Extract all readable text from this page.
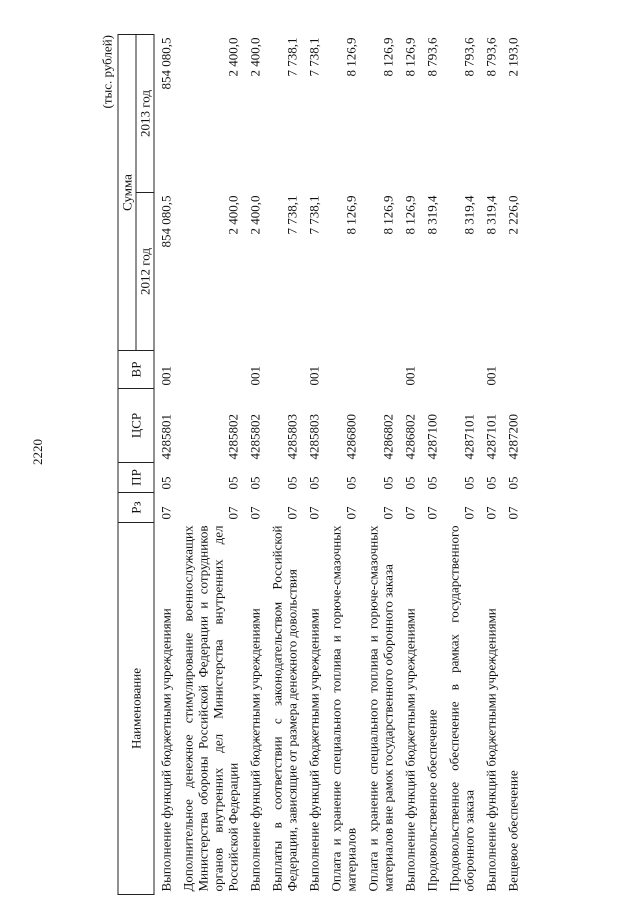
2220
(тыс. рублей)
Наименование	Рз	ПР	ЦСР	ВР	Сумма	
					2012 год	2013 год
Выполнение функций бюджетными учреждениями	07	05	4285801	001	854 080,5	854 080,5
Дополнительное денежное стимулирование военнослужащих Министерства обороны Российской Федерации и сотрудников органов внутренних дел Министерства внутренних дел Российской Федерации	07	05	4285802		2 400,0	2 400,0
Выполнение функций бюджетными учреждениями	07	05	4285802	001	2 400,0	2 400,0
Выплаты в соответствии с законодательством Российской Федерации, зависящие от размера денежного довольствия	07	05	4285803		7 738,1	7 738,1
Выполнение функций бюджетными учреждениями	07	05	4285803	001	7 738,1	7 738,1
Оплата и хранение специального топлива и горюче-смазочных материалов	07	05	4286800		8 126,9	8 126,9
Оплата и хранение специального топлива и горюче-смазочных материалов вне рамок государственного оборонного заказа	07	05	4286802		8 126,9	8 126,9
Выполнение функций бюджетными учреждениями	07	05	4286802	001	8 126,9	8 126,9
Продовольственное обеспечение	07	05	4287100		8 319,4	8 793,6
Продовольственное обеспечение в рамках государственного оборонного заказа	07	05	4287101		8 319,4	8 793,6
Выполнение функций бюджетными учреждениями	07	05	4287101	001	8 319,4	8 793,6
Вещевое обеспечение	07	05	4287200		2 226,0	2 193,0
